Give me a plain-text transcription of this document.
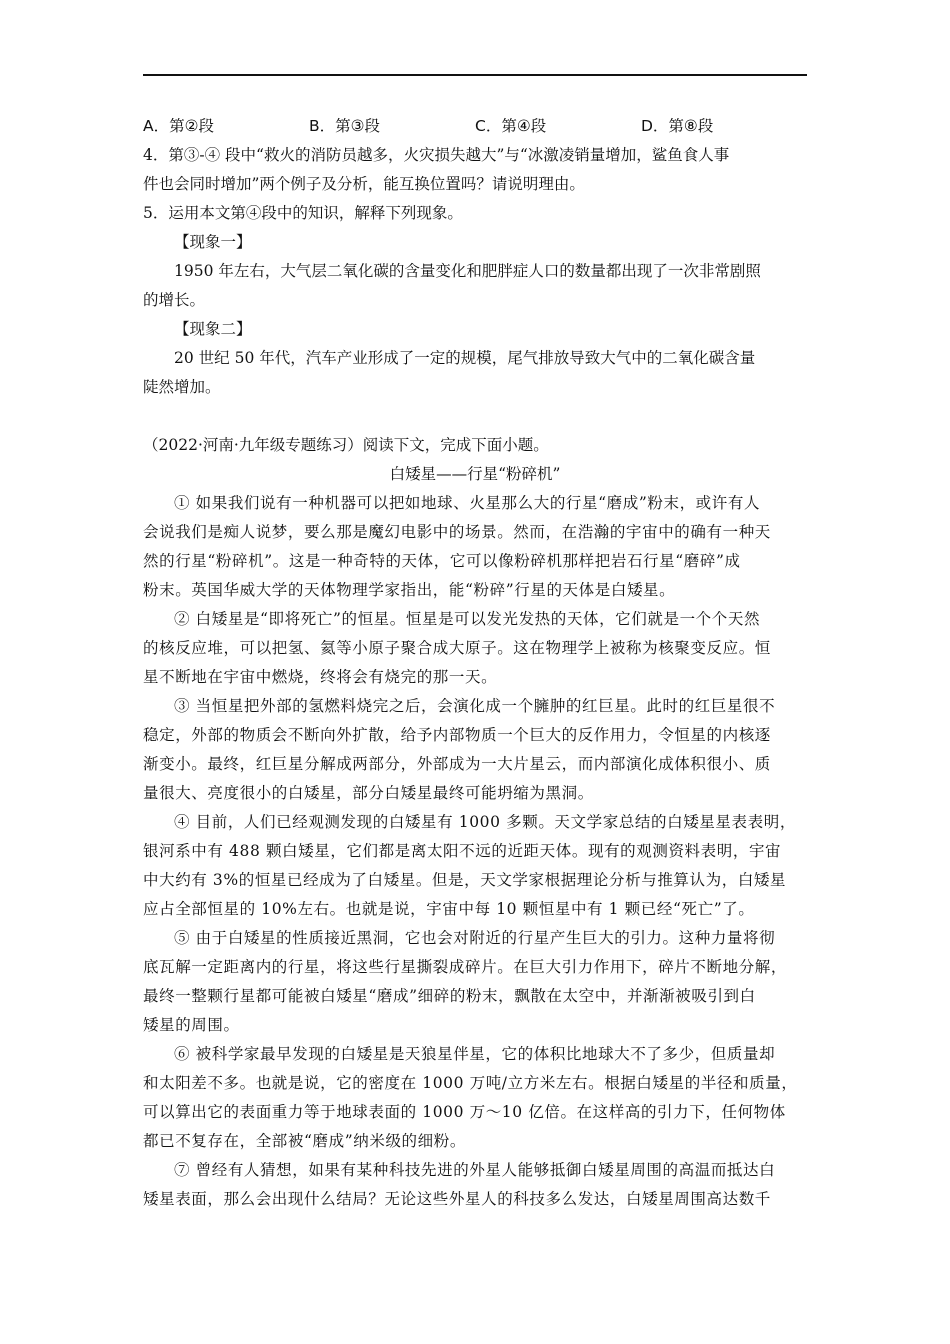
A．第②段	B．第③段	C．第④段	D．第⑧段
4．第③-④ 段中“救火的消防员越多，火灾损失越大”与“冰激凌销量增加，鲨鱼食人事
件也会同时增加”两个例子及分析，能互换位置吗？请说明理由。
5．运用本文第④段中的知识，解释下列现象。
【现象一】
1950 年左右，大气层二氧化碳的含量变化和肥胖症人口的数量都出现了一次非常剧照
的增长。
【现象二】
20 世纪 50 年代，汽车产业形成了一定的规模，尾气排放导致大气中的二氧化碳含量
陡然增加。
（2022·河南·九年级专题练习）阅读下文，完成下面小题。
白矮星——行星“粉碎机”
① 如果我们说有一种机器可以把如地球、火星那么大的行星“磨成”粉末，或许有人
会说我们是痴人说梦，要么那是魔幻电影中的场景。然而，在浩瀚的宇宙中的确有一种天
然的行星“粉碎机”。这是一种奇特的天体，它可以像粉碎机那样把岩石行星“磨碎”成
粉末。英国华威大学的天体物理学家指出，能“粉碎”行星的天体是白矮星。
② 白矮星是“即将死亡”的恒星。恒星是可以发光发热的天体，它们就是一个个天然
的核反应堆，可以把氢、氦等小原子聚合成大原子。这在物理学上被称为核聚变反应。恒
星不断地在宇宙中燃烧，终将会有烧完的那一天。
③ 当恒星把外部的氢燃料烧完之后，会演化成一个臃肿的红巨星。此时的红巨星很不
稳定，外部的物质会不断向外扩散，给予内部物质一个巨大的反作用力，令恒星的内核逐
渐变小。最终，红巨星分解成两部分，外部成为一大片星云，而内部演化成体积很小、质
量很大、亮度很小的白矮星，部分白矮星最终可能坍缩为黑洞。
④ 目前，人们已经观测发现的白矮星有 1000 多颗。天文学家总结的白矮星星表表明，
银河系中有 488 颗白矮星，它们都是离太阳不远的近距天体。现有的观测资料表明，宇宙
中大约有 3%的恒星已经成为了白矮星。但是，天文学家根据理论分析与推算认为，白矮星
应占全部恒星的 10%左右。也就是说，宇宙中每 10 颗恒星中有 1 颗已经“死亡”了。
⑤ 由于白矮星的性质接近黑洞，它也会对附近的行星产生巨大的引力。这种力量将彻
底瓦解一定距离内的行星，将这些行星撕裂成碎片。在巨大引力作用下，碎片不断地分解，
最终一整颗行星都可能被白矮星“磨成”细碎的粉末，飘散在太空中，并渐渐被吸引到白
矮星的周围。
⑥ 被科学家最早发现的白矮星是天狼星伴星，它的体积比地球大不了多少，但质量却
和太阳差不多。也就是说，它的密度在 1000 万吨/立方米左右。根据白矮星的半径和质量，
可以算出它的表面重力等于地球表面的 1000 万～10 亿倍。在这样高的引力下，任何物体
都已不复存在，全部被“磨成”纳米级的细粉。
⑦ 曾经有人猜想，如果有某种科技先进的外星人能够抵御白矮星周围的高温而抵达白
矮星表面，那么会出现什么结局？无论这些外星人的科技多么发达，白矮星周围高达数千
